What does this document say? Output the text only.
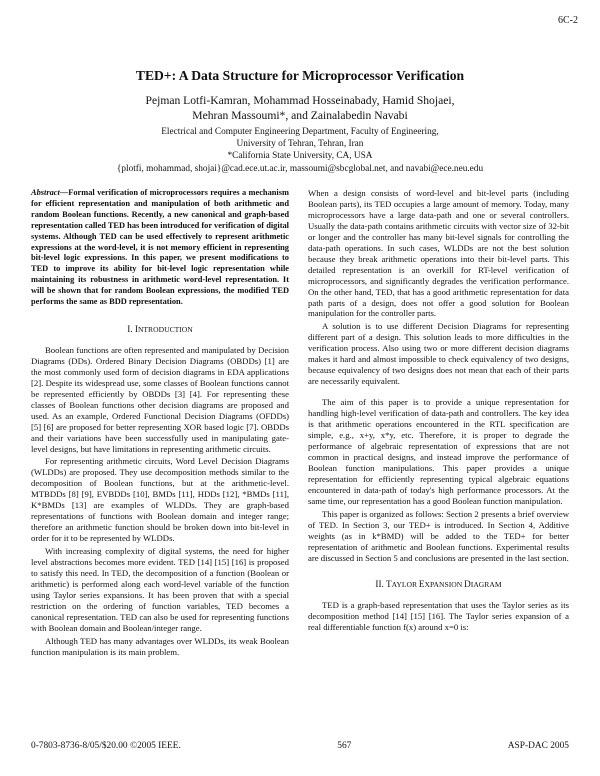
6C-2
TED+: A Data Structure for Microprocessor Verification
Pejman Lotfi-Kamran, Mohammad Hosseinabady, Hamid Shojaei,
Mehran Massoumi*, and Zainalabedin Navabi
Electrical and Computer Engineering Department, Faculty of Engineering,
University of Tehran, Tehran, Iran
*California State University, CA, USA
{plotfi, mohammad, shojai}@cad.ece.ut.ac.ir, massoumi@sbcglobal.net, and navabi@ece.neu.edu
Abstract—Formal verification of microprocessors requires a mechanism for efficient representation and manipulation of both arithmetic and random Boolean functions. Recently, a new canonical and graph-based representation called TED has been introduced for verification of digital systems. Although TED can be used effectively to represent arithmetic expressions at the word-level, it is not memory efficient in representing bit-level logic expressions. In this paper, we present modifications to TED to improve its ability for bit-level logic representation while maintaining its robustness in arithmetic word-level representation. It will be shown that for random Boolean expressions, the modified TED performs the same as BDD representation.
I. INTRODUCTION

Boolean functions are often represented and manipulated by Decision Diagrams (DDs). Ordered Binary Decision Diagrams (OBDDs) [1] are the most commonly used form of decision diagrams in EDA applications [2]. Despite its widespread use, some classes of Boolean functions cannot be represented efficiently by OBDDs [3] [4]. For representing these classes of Boolean functions other decision diagrams are proposed and used. As an example, Ordered Functional Decision Diagrams (OFDDs) [5] [6] are proposed for better representing XOR based logic [7]. OBDDs and their variations have been successfully used in manipulating gate-level designs, but have limitations in representing arithmetic circuits.

For representing arithmetic circuits, Word Level Decision Diagrams (WLDDs) are proposed. They use decomposition methods similar to the decomposition of Boolean functions, but at the arithmetic-level. MTBDDs [8] [9], EVBDDs [10], BMDs [11], HDDs [12], *BMDs [11], K*BMDs [13] are examples of WLDDs. They are graph-based representations of functions with Boolean domain and integer range; therefore an arithmetic function should be broken down into bit-level in order for it to be represented by WLDDs.

With increasing complexity of digital systems, the need for higher level abstractions becomes more evident. TED [14] [15] [16] is proposed to satisfy this need. In TED, the decomposition of a function (Boolean or arithmetic) is performed along each word-level variable of the function using Taylor series expansions. It has been proven that with a special restriction on the ordering of function variables, TED becomes a canonical representation. TED can also be used for representing functions with Boolean domain and Boolean/integer range.

Although TED has many advantages over WLDDs, its weak Boolean function manipulation is its main problem.

When a design consists of word-level and bit-level parts (including Boolean parts), its TED occupies a large amount of memory. Today, many microprocessors have a large data-path and one or several controllers. Usually the data-path contains arithmetic circuits with vector size of 32-bit or longer and the controller has many bit-level signals for controlling the data-path operations. In such cases, WLDDs are not the best solution because they break arithmetic operations into their bit-level parts. This detailed representation is an overkill for RT-level verification of microprocessors, and significantly degrades the verification performance. On the other hand, TED, that has a good arithmetic representation for data path parts of a design, does not offer a good solution for Boolean manipulation for the controller parts.

A solution is to use different Decision Diagrams for representing different part of a design. This solution leads to more difficulties in the verification process. Also using two or more different decision diagrams makes it hard and almost impossible to check equivalency of two designs, because equivalency of two designs does not mean that each of their parts are necessarily equivalent.

The aim of this paper is to provide a unique representation for handling high-level verification of data-path and controllers. The key idea is that arithmetic operations encountered in the RTL specification are simple, e.g., x+y, x*y, etc. Therefore, it is proper to degrade the performance of algebraic representation of expressions that are not common in practical designs, and instead improve the performance of Boolean function manipulations. This paper provides a unique representation for efficiently representing typical algebraic equations encountered in data-path of today's high performance processors. At the same time, our representation has a good Boolean function manipulation.

This paper is organized as follows: Section 2 presents a brief overview of TED. In Section 3, our TED+ is introduced. In Section 4, Additive weights (as in k*BMD) will be added to the TED+ for better representation of arithmetic and Boolean functions. Experimental results are discussed in Section 5 and conclusions are presented in the last section.

II. TAYLOR EXPANSION DIAGRAM

TED is a graph-based representation that uses the Taylor series as its decomposition method [14] [15] [16]. The Taylor series expansion of a real differentiable function f(x) around x=0 is:

0-7803-8736-8/05/$20.00 ©2005 IEEE.	567	ASP-DAC 2005
